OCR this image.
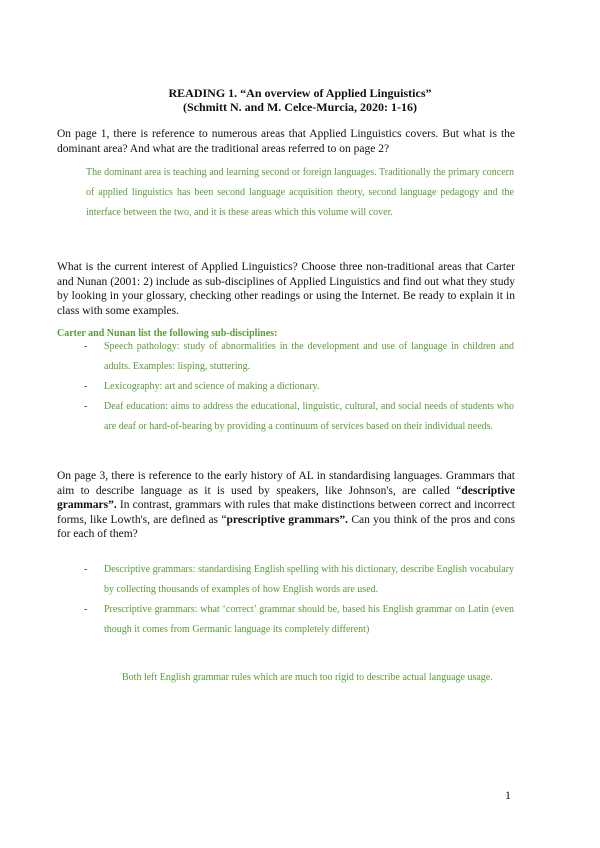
READING 1. “An overview of Applied Linguistics”
(Schmitt N. and M. Celce-Murcia, 2020: 1-16)
On page 1, there is reference to numerous areas that Applied Linguistics covers. But what is the dominant area? And what are the traditional areas referred to on page 2?
The dominant area is teaching and learning second or foreign languages. Traditionally the primary concern of applied linguistics has been second language acquisition theory, second language pedagogy and the interface between the two, and it is these areas which this volume will cover.
What is the current interest of Applied Linguistics? Choose three non-traditional areas that Carter and Nunan (2001: 2) include as sub-disciplines of Applied Linguistics and find out what they study by looking in your glossary, checking other readings or using the Internet. Be ready to explain it in class with some examples.
Carter and Nunan list the following sub-disciplines:
- Speech pathology: study of abnormalities in the development and use of language in children and adults. Examples: lisping, stuttering.
- Lexicography: art and science of making a dictionary.
- Deaf education: aims to address the educational, linguistic, cultural, and social needs of students who are deaf or hard-of-hearing by providing a continuum of services based on their individual needs.
On page 3, there is reference to the early history of AL in standardising languages. Grammars that aim to describe language as it is used by speakers, like Johnson's, are called “descriptive grammars”. In contrast, grammars with rules that make distinctions between correct and incorrect forms, like Lowth's, are defined as “prescriptive grammars”. Can you think of the pros and cons for each of them?
- Descriptive grammars: standardising English spelling with his dictionary, describe English vocabulary by collecting thousands of examples of how English words are used.
- Prescriptive grammars: what ‘correct’ grammar should be, based his English grammar on Latin (even though it comes from Germanic language its completely different)
Both left English grammar rules which are much too rigid to describe actual language usage.
1
